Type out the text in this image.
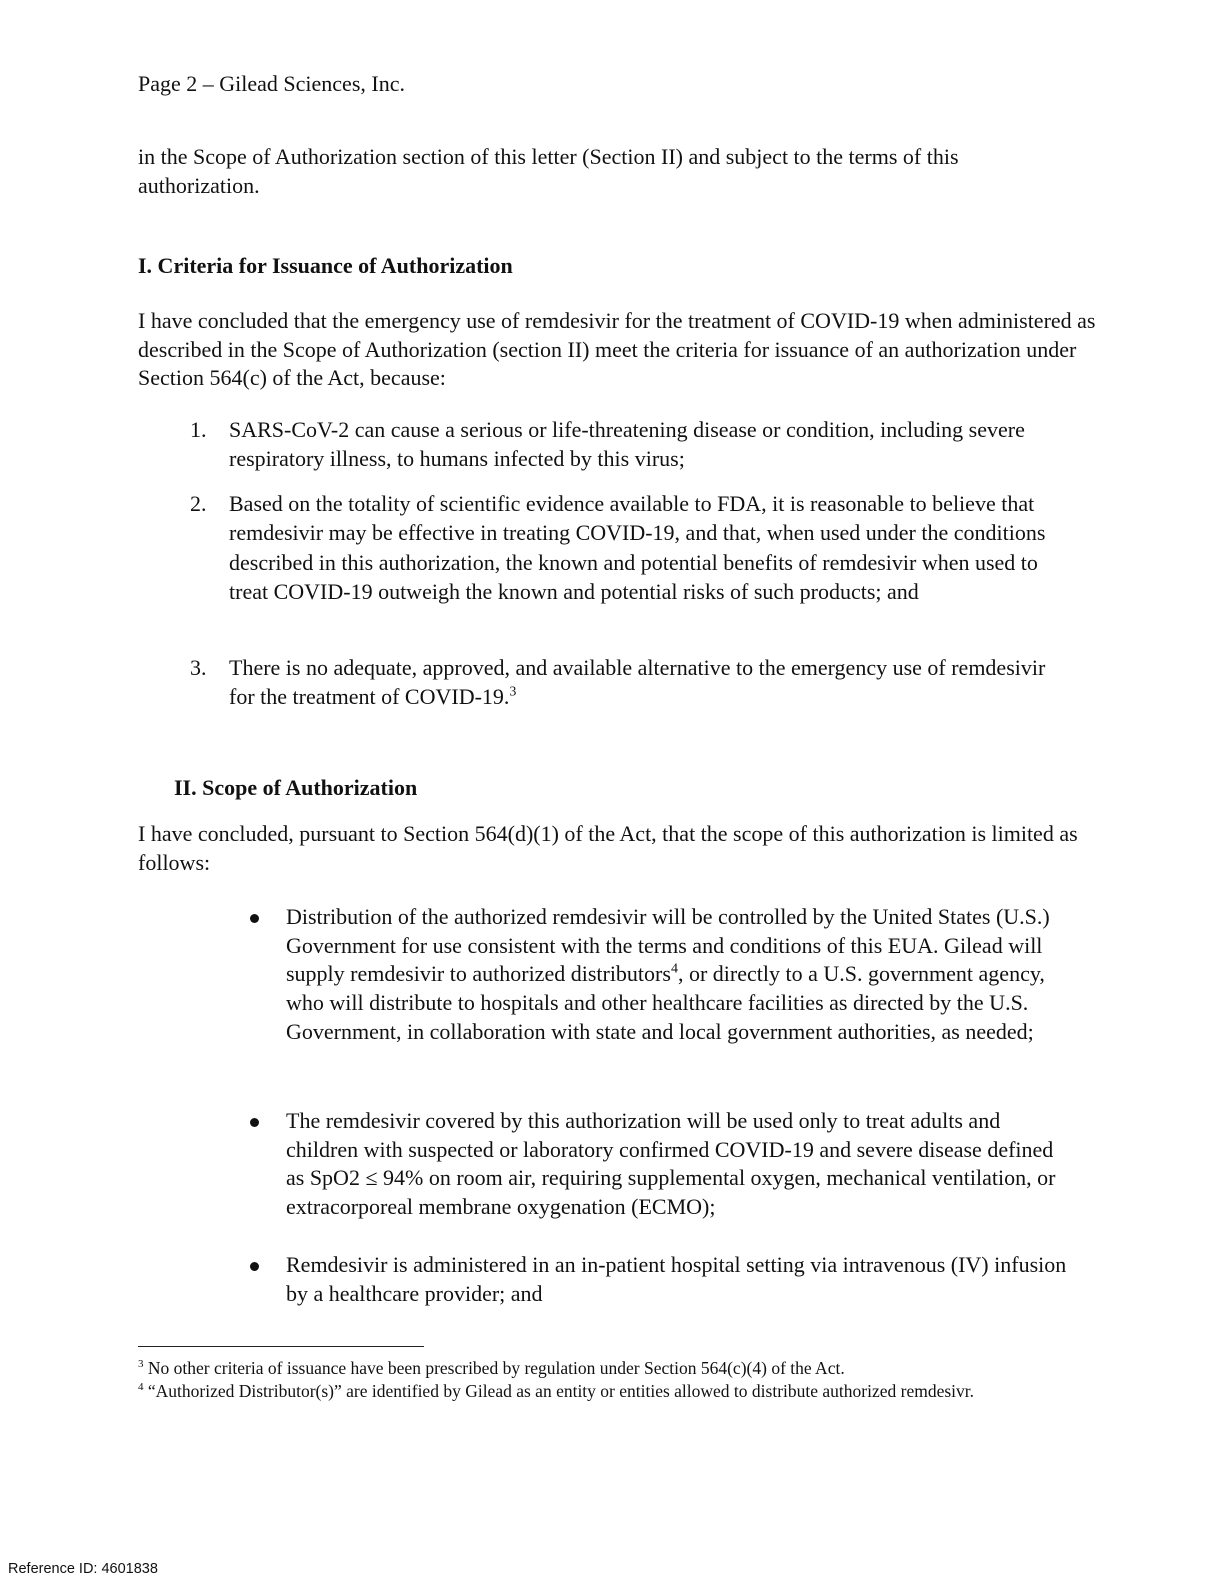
Page 2 – Gilead Sciences, Inc.

in the Scope of Authorization section of this letter (Section II) and subject to the terms of this authorization.

I. Criteria for Issuance of Authorization

I have concluded that the emergency use of remdesivir for the treatment of COVID-19 when administered as described in the Scope of Authorization (section II) meet the criteria for issuance of an authorization under Section 564(c) of the Act, because:

1.	SARS-CoV-2 can cause a serious or life-threatening disease or condition, including severe respiratory illness, to humans infected by this virus;
2.	Based on the totality of scientific evidence available to FDA, it is reasonable to believe that remdesivir may be effective in treating COVID-19, and that, when used under the conditions described in this authorization, the known and potential benefits of remdesivir when used to treat COVID-19 outweigh the known and potential risks of such products; and
3.	There is no adequate, approved, and available alternative to the emergency use of remdesivir for the treatment of COVID-19.$^3$
II. Scope of Authorization

I have concluded, pursuant to Section 564(d)(1) of the Act, that the scope of this authorization is limited as follows:

Distribution of the authorized remdesivir will be controlled by the United States (U.S.) Government for use consistent with the terms and conditions of this EUA. Gilead will supply remdesivir to authorized distributors$^4$, or directly to a U.S. government agency, who will distribute to hospitals and other healthcare facilities as directed by the U.S. Government, in collaboration with state and local government authorities, as needed;
The remdesivir covered by this authorization will be used only to treat adults and children with suspected or laboratory confirmed COVID-19 and severe disease defined as SpO2 ≤ 94% on room air, requiring supplemental oxygen, mechanical ventilation, or extracorporeal membrane oxygenation (ECMO);
Remdesivir is administered in an in-patient hospital setting via intravenous (IV) infusion by a healthcare provider; and
$^3$ No other criteria of issuance have been prescribed by regulation under Section 564(c)(4) of the Act.
$^4$ “Authorized Distributor(s)” are identified by Gilead as an entity or entities allowed to distribute authorized remdesivr.
Reference ID: 4601838
